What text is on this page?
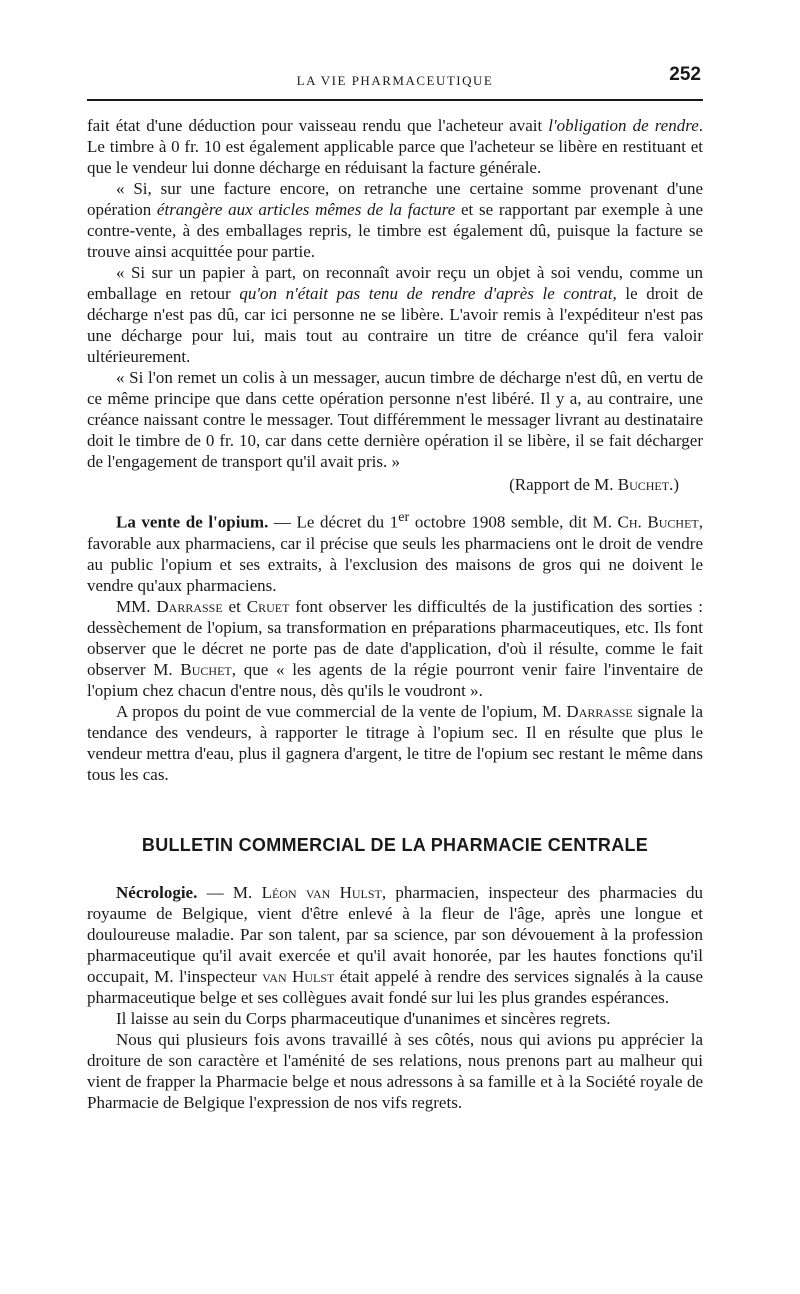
LA VIE PHARMACEUTIQUE	252

fait état d'une déduction pour vaisseau rendu que l'acheteur avait l'obligation de rendre. Le timbre à 0 fr. 10 est également applicable parce que l'acheteur se libère en restituant et que le vendeur lui donne décharge en réduisant la facture générale.

« Si, sur une facture encore, on retranche une certaine somme provenant d'une opération étrangère aux articles mêmes de la facture et se rapportant par exemple à une contre-vente, à des emballages repris, le timbre est également dû, puisque la facture se trouve ainsi acquittée pour partie.

« Si sur un papier à part, on reconnaît avoir reçu un objet à soi vendu, comme un emballage en retour qu'on n'était pas tenu de rendre d'après le contrat, le droit de décharge n'est pas dû, car ici personne ne se libère. L'avoir remis à l'expéditeur n'est pas une décharge pour lui, mais tout au contraire un titre de créance qu'il fera valoir ultérieurement.

« Si l'on remet un colis à un messager, aucun timbre de décharge n'est dû, en vertu de ce même principe que dans cette opération personne n'est libéré. Il y a, au contraire, une créance naissant contre le messager. Tout différemment le messager livrant au destinataire doit le timbre de 0 fr. 10, car dans cette dernière opération il se libère, il se fait décharger de l'engagement de transport qu'il avait pris. »

(Rapport de M. Buchet.)

La vente de l'opium. — Le décret du 1er octobre 1908 semble, dit M. Ch. Buchet, favorable aux pharmaciens, car il précise que seuls les pharmaciens ont le droit de vendre au public l'opium et ses extraits, à l'exclusion des maisons de gros qui ne doivent le vendre qu'aux pharmaciens.

MM. Darrasse et Cruet font observer les difficultés de la justification des sorties : dessèchement de l'opium, sa transformation en préparations pharmaceutiques, etc. Ils font observer que le décret ne porte pas de date d'application, d'où il résulte, comme le fait observer M. Buchet, que « les agents de la régie pourront venir faire l'inventaire de l'opium chez chacun d'entre nous, dès qu'ils le voudront ».

A propos du point de vue commercial de la vente de l'opium, M. Darrasse signale la tendance des vendeurs, à rapporter le titrage à l'opium sec. Il en résulte que plus le vendeur mettra d'eau, plus il gagnera d'argent, le titre de l'opium sec restant le même dans tous les cas.

BULLETIN COMMERCIAL DE LA PHARMACIE CENTRALE

Nécrologie. — M. Léon van Hulst, pharmacien, inspecteur des pharmacies du royaume de Belgique, vient d'être enlevé à la fleur de l'âge, après une longue et douloureuse maladie. Par son talent, par sa science, par son dévouement à la profession pharmaceutique qu'il avait exercée et qu'il avait honorée, par les hautes fonctions qu'il occupait, M. l'inspecteur van Hulst était appelé à rendre des services signalés à la cause pharmaceutique belge et ses collègues avait fondé sur lui les plus grandes espérances.

Il laisse au sein du Corps pharmaceutique d'unanimes et sincères regrets.

Nous qui plusieurs fois avons travaillé à ses côtés, nous qui avions pu apprécier la droiture de son caractère et l'aménité de ses relations, nous prenons part au malheur qui vient de frapper la Pharmacie belge et nous adressons à sa famille et à la Société royale de Pharmacie de Belgique l'expression de nos vifs regrets.
